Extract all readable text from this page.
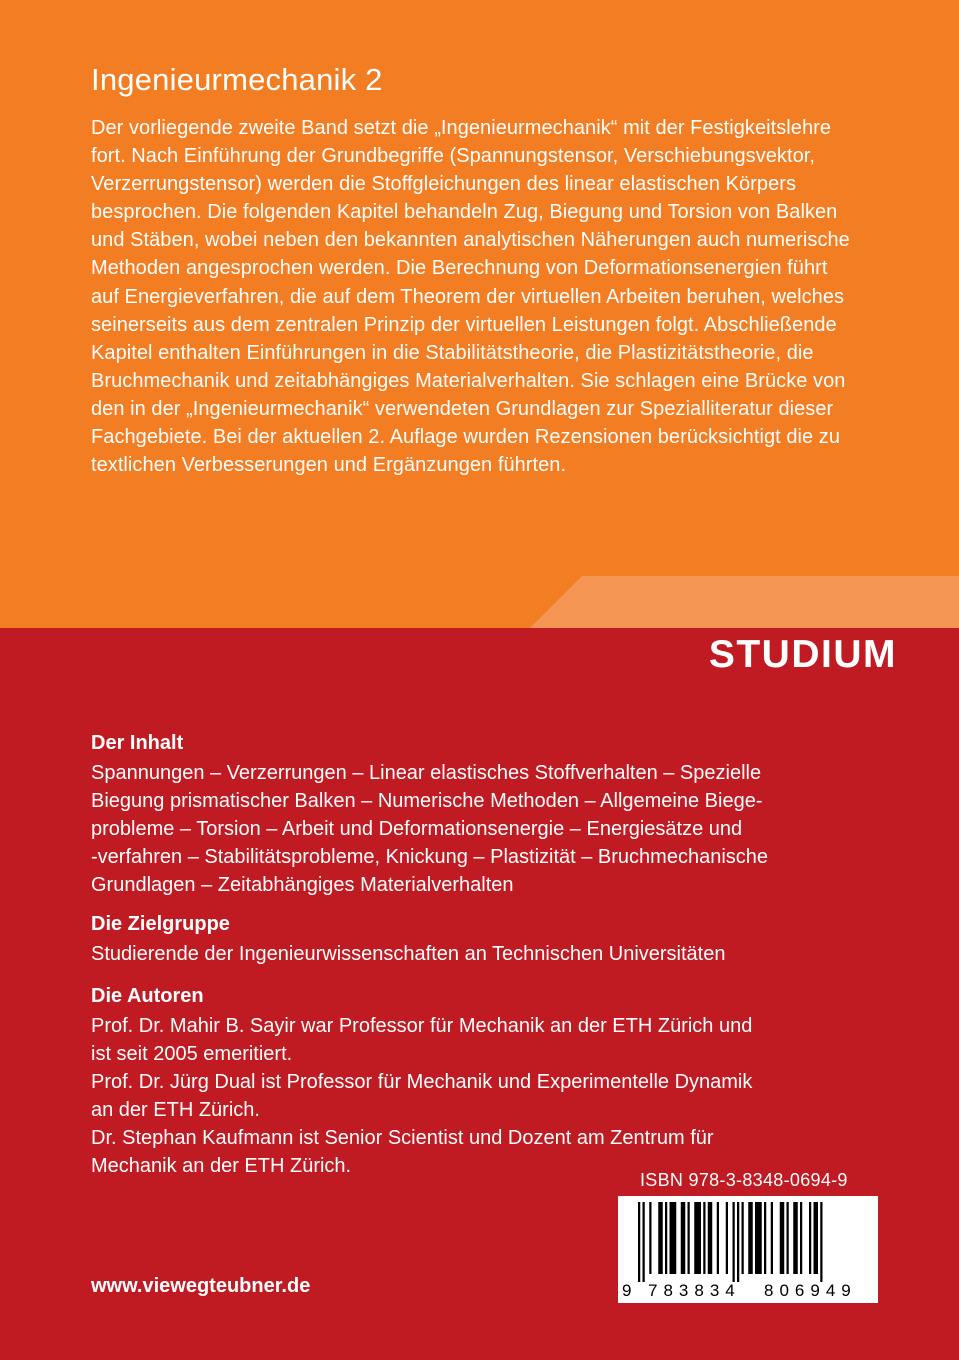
Ingenieurmechanik 2
Der vorliegende zweite Band setzt die „Ingenieurmechanik“ mit der Festigkeitslehre
fort. Nach Einführung der Grundbegriffe (Spannungstensor, Verschiebungsvektor,
Verzerrungstensor) werden die Stoffgleichungen des linear elastischen Körpers
besprochen. Die folgenden Kapitel behandeln Zug, Biegung und Torsion von Balken
und Stäben, wobei neben den bekannten analytischen Näherungen auch numerische
Methoden angesprochen werden. Die Berechnung von Deformationsenergien führt
auf Energieverfahren, die auf dem Theorem der virtuellen Arbeiten beruhen, welches
seinerseits aus dem zentralen Prinzip der virtuellen Leistungen folgt. Abschließende
Kapitel enthalten Einführungen in die Stabilitätstheorie, die Plastizitätstheorie, die
Bruchmechanik und zeitabhängiges Materialverhalten. Sie schlagen eine Brücke von
den in der „Ingenieurmechanik“ verwendeten Grundlagen zur Spezialliteratur dieser
Fachgebiete. Bei der aktuellen 2. Auflage wurden Rezensionen berücksichtigt die zu
textlichen Verbesserungen und Ergänzungen führten.
STUDIUM
Der Inhalt
Spannungen – Verzerrungen – Linear elastisches Stoffverhalten – Spezielle
Biegung prismatischer Balken – Numerische Methoden – Allgemeine Biege-
probleme – Torsion – Arbeit und Deformationsenergie – Energiesätze und
-verfahren – Stabilitätsprobleme, Knickung – Plastizität – Bruchmechanische
Grundlagen – Zeitabhängiges Materialverhalten
Die Zielgruppe
Studierende der Ingenieurwissenschaften an Technischen Universitäten
Die Autoren
Prof. Dr. Mahir B. Sayir war Professor für Mechanik an der ETH Zürich und
ist seit 2005 emeritiert.
Prof. Dr. Jürg Dual ist Professor für Mechanik und Experimentelle Dynamik
an der ETH Zürich.
Dr. Stephan Kaufmann ist Senior Scientist und Dozent am Zentrum für
Mechanik an der ETH Zürich.
ISBN 978-3-8348-0694-9
9 783834 806949
www.viewegteubner.de
